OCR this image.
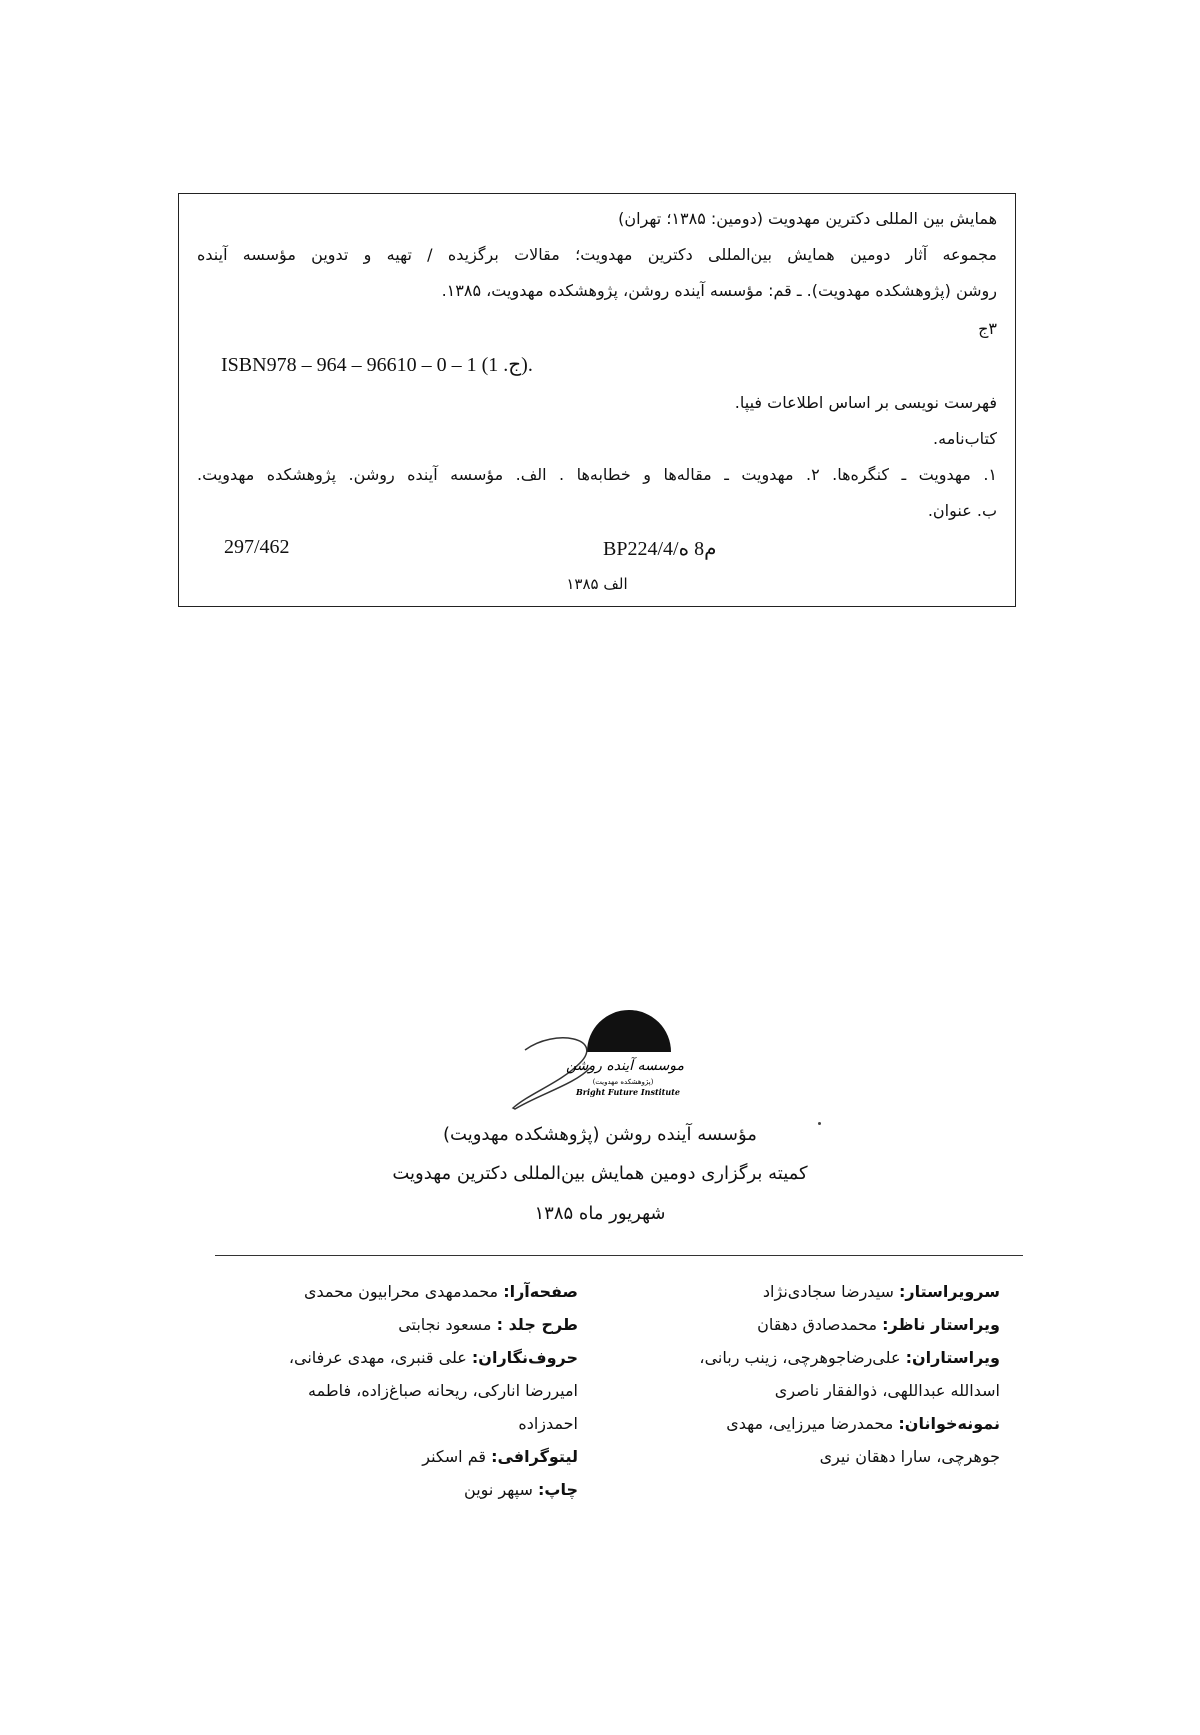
همایش بین المللی دکترین مهدویت (دومین: ۱۳۸۵؛ تهران)
مجموعه آثار دومین همایش بین‌المللی دکترین مهدویت؛ مقالات برگزیده / تهیه و تدوین مؤسسه آینده
روشن (پژوهشکده مهدویت). ـ قم: مؤسسه آینده روشن، پژوهشکده مهدویت، ۱۳۸۵.
۳ج
ISBN978 – 964 – 96610 – 0 – 1 (ج. 1).
فهرست نویسی بر اساس اطلاعات فیپا.
کتاب‌نامه.
۱. مهدویت ـ کنگره‌ها. ۲. مهدویت ـ مقاله‌ها و خطابه‌ها . الف. مؤسسه آینده روشن. پژوهشکده مهدویت.
ب. عنوان.
297/462	BP224/4/م8 ه
الف ۱۳۸۵
موسسه آینده روشن
(پژوهشکده مهدویت)
Bright Future Institute
مؤسسه آینده روشن (پژوهشکده مهدویت)
کمیته برگزاری دومین همایش بین‌المللی دکترین مهدویت
شهریور ماه ۱۳۸۵
سرویراستار: سیدرضا سجادی‌نژاد
ویراستار ناظر: محمدصادق دهقان
ویراستاران: علی‌رضاجوهرچی، زینب ربانی،
اسدالله عبداللهی، ذوالفقار ناصری
نمونه‌خوانان: محمدرضا میرزایی، مهدی
جوهرچی، سارا دهقان نیری
صفحه‌آرا: محمدمهدی محرابیون محمدی
طرح جلد : مسعود نجابتی
حروف‌نگاران: علی قنبری، مهدی عرفانی،
امیررضا انارکی، ریحانه صباغ‌زاده، فاطمه
احمدزاده
لیتوگرافی: قم اسکنر
چاپ: سپهر نوین
